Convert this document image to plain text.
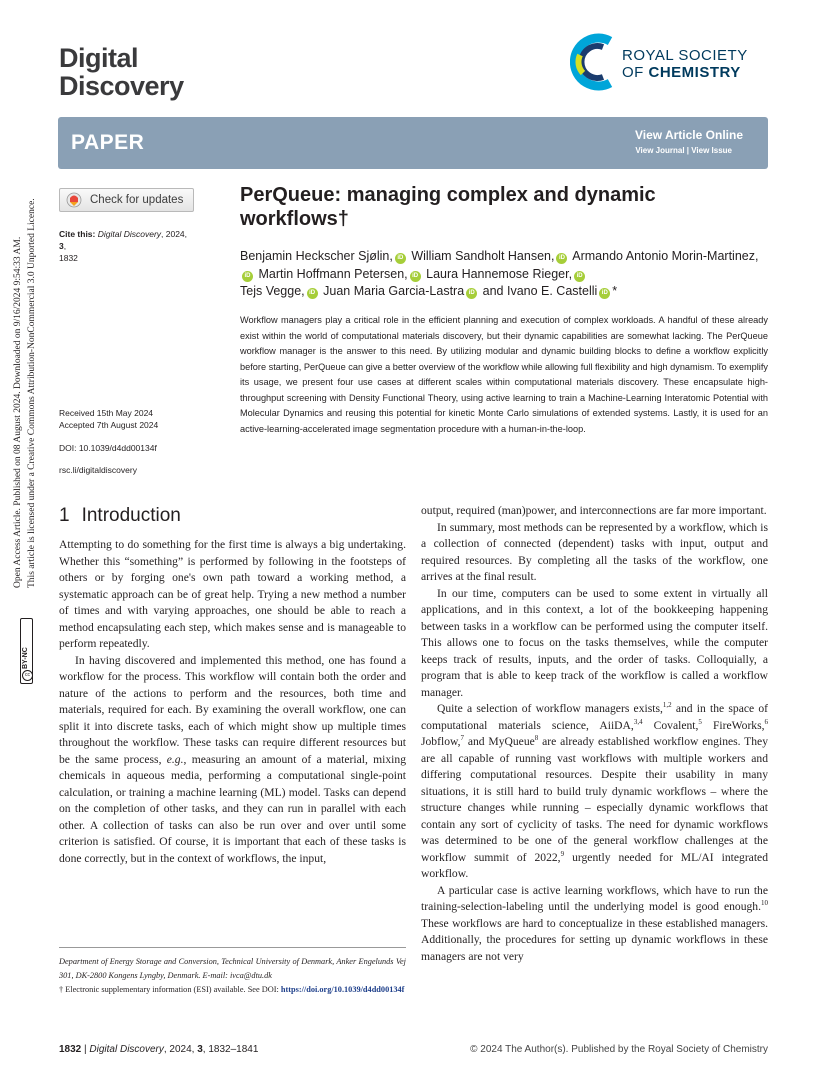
Digital
Discovery
ROYAL SOCIETY
OF CHEMISTRY
PAPER	View Article Online
View Journal | View Issue
Open Access Article. Published on 08 August 2024. Downloaded on 9/16/2024 9:54:33 AM. This article is licensed under a Creative Commons Attribution-NonCommercial 3.0 Unported Licence.
cc
BY-NC
Check for updates
Cite this: Digital Discovery, 2024, 3,
1832
Received 15th May 2024
Accepted 7th August 2024
DOI: 10.1039/d4dd00134f
rsc.li/digitaldiscovery
PerQueue: managing complex and dynamic workflows†
Benjamin Heckscher Sjølin, iD William Sandholt Hansen, iD Armando Antonio Morin-Martinez,iD Martin Hoffmann Petersen, iD Laura Hannemose Rieger, iD
Tejs Vegge, iD Juan Maria Garcia-Lastra iD and Ivano E. Castelli iD *
Workflow managers play a critical role in the efficient planning and execution of complex workloads. A handful of these already exist within the world of computational materials discovery, but their dynamic capabilities are somewhat lacking. The PerQueue workflow manager is the answer to this need. By utilizing modular and dynamic building blocks to define a workflow explicitly before starting, PerQueue can give a better overview of the workflow while allowing full flexibility and high dynamism. To exemplify its usage, we present four use cases at different scales within computational materials discovery. These encapsulate high-throughput screening with Density Functional Theory, using active learning to train a Machine-Learning Interatomic Potential with Molecular Dynamics and reusing this potential for kinetic Monte Carlo simulations of extended systems. Lastly, it is used for an active-learning-accelerated image segmentation procedure with a human-in-the-loop.
1 Introduction

Attempting to do something for the first time is always a big undertaking. Whether this “something” is performed by following in the footsteps of others or by forging one's own path toward a working method, a systematic approach can be of great help. Trying a new method a number of times and with varying approaches, one should be able to reach a method encapsulating each step, which makes sense and is manageable to perform repeatedly.

In having discovered and implemented this method, one has found a workflow for the process. This workflow will contain both the order and nature of the actions to perform and the resources, both time and materials, required for each. By examining the overall workflow, one can split it into discrete tasks, each of which might show up multiple times throughout the workflow. These tasks can require different resources but be the same process, e.g., measuring an amount of a material, mixing chemicals in aqueous media, performing a computational single-point calculation, or training a machine learning (ML) model. Tasks can depend on the completion of other tasks, and they can run in parallel with each other. A collection of tasks can also be run over and over until some criterion is satisfied. Of course, it is important that each of these tasks is done correctly, but in the context of workflows, the input,

output, required (man)power, and interconnections are far more important.

In summary, most methods can be represented by a workflow, which is a collection of connected (dependent) tasks with input, output and required resources. By completing all the tasks of the workflow, one arrives at the final result.

In our time, computers can be used to some extent in virtually all applications, and in this context, a lot of the bookkeeping happening between tasks in a workflow can be performed using the computer itself. This allows one to focus on the tasks themselves, while the computer keeps track of results, inputs, and the order of tasks. Colloquially, a program that is able to keep track of the workflow is called a workflow manager.

Quite a selection of workflow managers exists,$^{1,2}$ and in the space of computational materials science, AiiDA,$^{3,4}$ Covalent,$^5$ FireWorks,$^6$ Jobflow,$^7$ and MyQueue$^8$ are already established workflow engines. They are all capable of running vast workflows with multiple workers and differing computational resources. Despite their usability in many situations, it is still hard to build truly dynamic workflows – where the structure changes while running – especially dynamic workflows that contain any sort of cyclicity of tasks. The need for dynamic workflows was determined to be one of the general workflow challenges at the workflow summit of 2022,$^9$ urgently needed for ML/AI integrated workflow.

A particular case is active learning workflows, which have to run the training-selection-labeling until the underlying model is good enough.$^{10}$ These workflows are hard to conceptualize in these established managers. Additionally, the procedures for setting up dynamic workflows in these managers are not very

Department of Energy Storage and Conversion, Technical University of Denmark, Anker Engelunds Vej 301, DK-2800 Kongens Lyngby, Denmark. E-mail: ivca@dtu.dk
† Electronic supplementary information (ESI) available. See DOI: https://doi.org/10.1039/d4dd00134f
1832 | Digital Discovery, 2024, 3, 1832–1841	© 2024 The Author(s). Published by the Royal Society of Chemistry
